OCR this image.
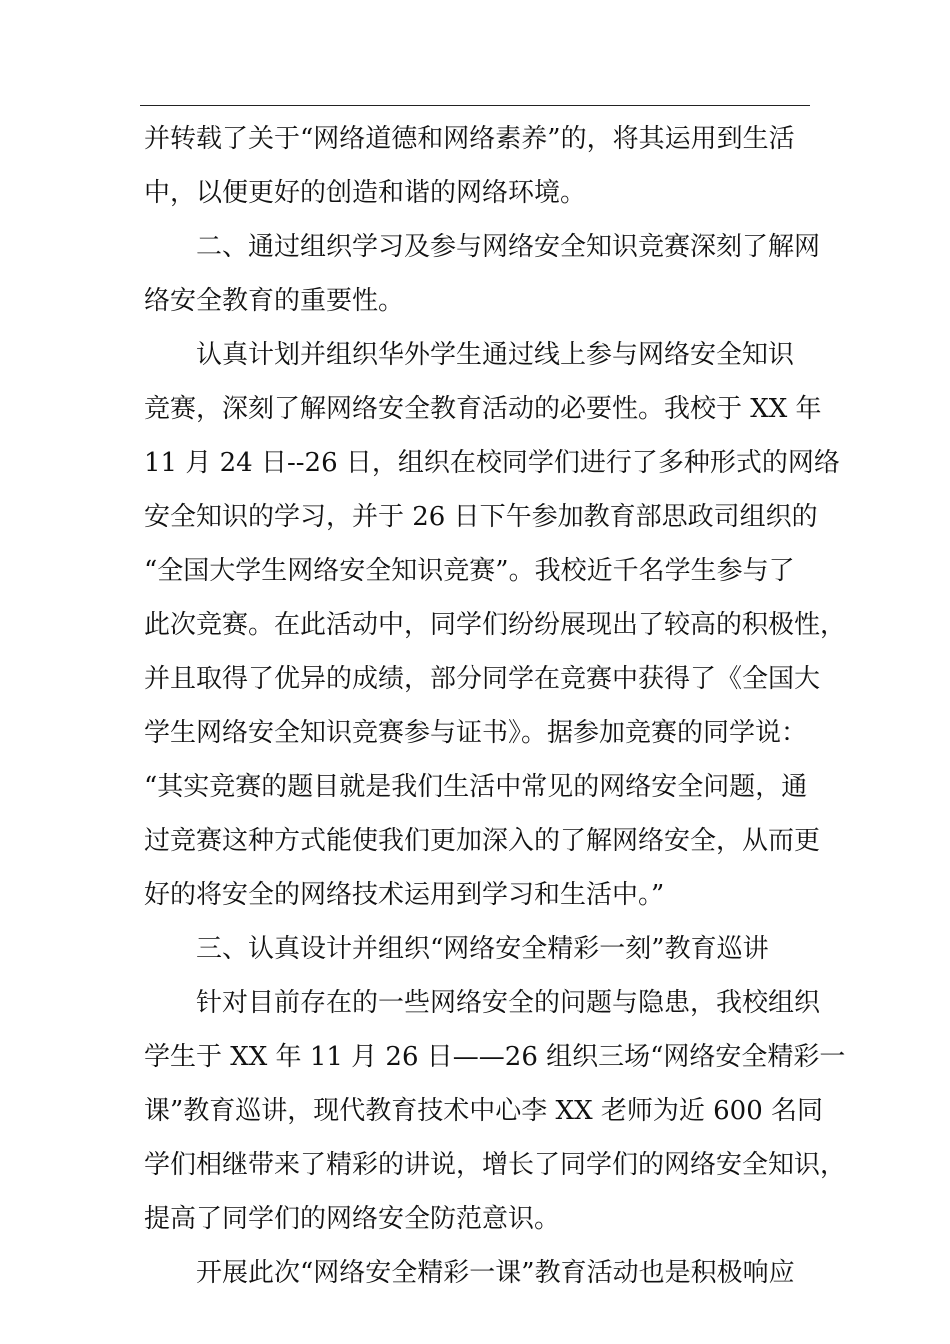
并转载了关于“网络道德和网络素养”的，将其运用到生活
中，以便更好的创造和谐的网络环境。
二、通过组织学习及参与网络安全知识竞赛深刻了解网
络安全教育的重要性。
认真计划并组织华外学生通过线上参与网络安全知识
竞赛，深刻了解网络安全教育活动的必要性。我校于 XX 年
11 月 24 日--26 日，组织在校同学们进行了多种形式的网络
安全知识的学习，并于 26 日下午参加教育部思政司组织的
“全国大学生网络安全知识竞赛”。我校近千名学生参与了
此次竞赛。在此活动中，同学们纷纷展现出了较高的积极性，
并且取得了优异的成绩，部分同学在竞赛中获得了《全国大
学生网络安全知识竞赛参与证书》。据参加竞赛的同学说：
“其实竞赛的题目就是我们生活中常见的网络安全问题，通
过竞赛这种方式能使我们更加深入的了解网络安全，从而更
好的将安全的网络技术运用到学习和生活中。”
三、认真设计并组织“网络安全精彩一刻”教育巡讲
针对目前存在的一些网络安全的问题与隐患，我校组织
学生于 XX 年 11 月 26 日——26 组织三场“网络安全精彩一
课”教育巡讲，现代教育技术中心李 XX 老师为近 600 名同
学们相继带来了精彩的讲说，增长了同学们的网络安全知识，
提高了同学们的网络安全防范意识。
开展此次“网络安全精彩一课”教育活动也是积极响应
